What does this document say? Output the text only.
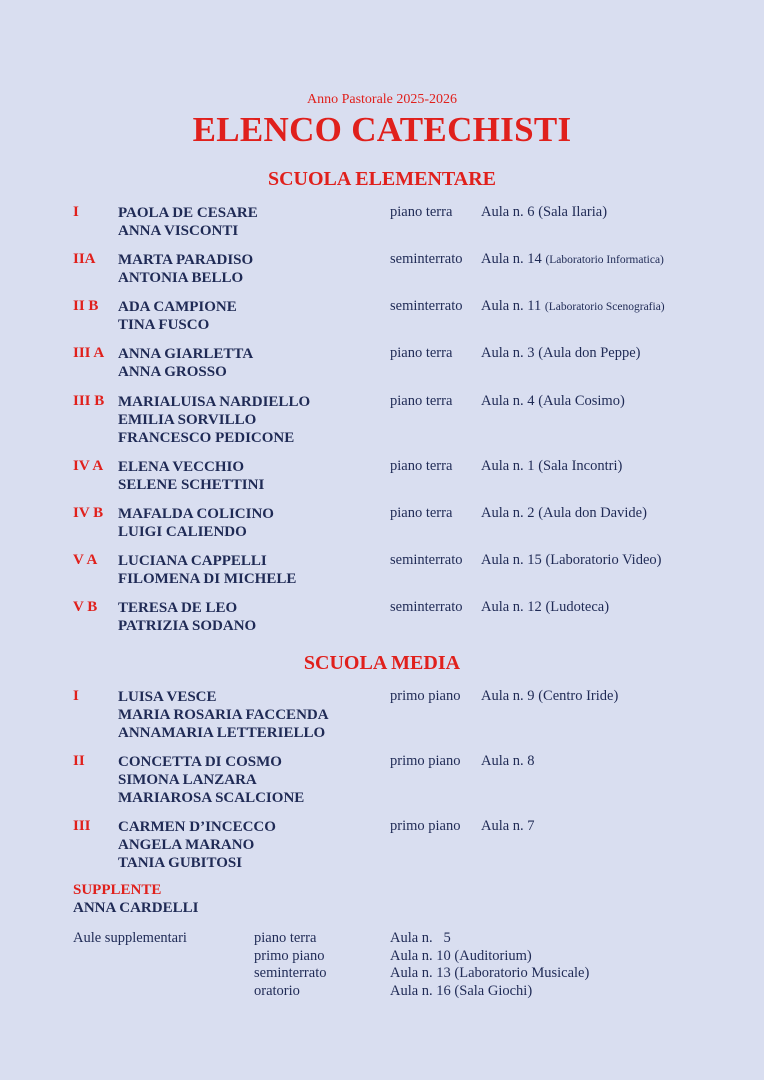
Anno Pastorale 2025-2026
ELENCO CATECHISTI
SCUOLA ELEMENTARE
I	PAOLA DE CESARE
ANNA VISCONTI
piano terra Aula n. 6 (Sala Ilaria)
IIA MARTA PARADISO
ANTONIA BELLO
seminterrato Aula n. 14 (Laboratorio Informatica)
II B ADA CAMPIONE
TINA FUSCO
seminterrato Aula n. 11 (Laboratorio Scenografia)
III A ANNA GIARLETTA
ANNA GROSSO
piano terra Aula n. 3 (Aula don Peppe)
III B MARIALUISA NARDIELLO
EMILIA SORVILLO
FRANCESCO PEDICONE
piano terra Aula n. 4 (Aula Cosimo)
IV A ELENA VECCHIO
SELENE SCHETTINI
piano terra Aula n. 1 (Sala Incontri)
IV B MAFALDA COLICINO
LUIGI CALIENDO
piano terra Aula n. 2 (Aula don Davide)
V A LUCIANA CAPPELLI
FILOMENA DI MICHELE
seminterrato Aula n. 15 (Laboratorio Video)
V B TERESA DE LEO
PATRIZIA SODANO
seminterrato Aula n. 12 (Ludoteca)
SCUOLA MEDIA
I	LUISA VESCE
MARIA ROSARIA FACCENDA
ANNAMARIA LETTERIELLO
primo piano Aula n. 9 (Centro Iride)
II CONCETTA DI COSMO
SIMONA LANZARA
MARIAROSA SCALCIONE
primo piano Aula n. 8
III CARMEN D’INCECCO
ANGELA MARANO
TANIA GUBITOSI
primo piano Aula n. 7
SUPPLENTE
ANNA CARDELLI
Aule supplementari	piano terra	Aula n.   5
primo piano	Aula n. 10 (Auditorium)
seminterrato	Aula n. 13 (Laboratorio Musicale)
oratorio	Aula n. 16 (Sala Giochi)
